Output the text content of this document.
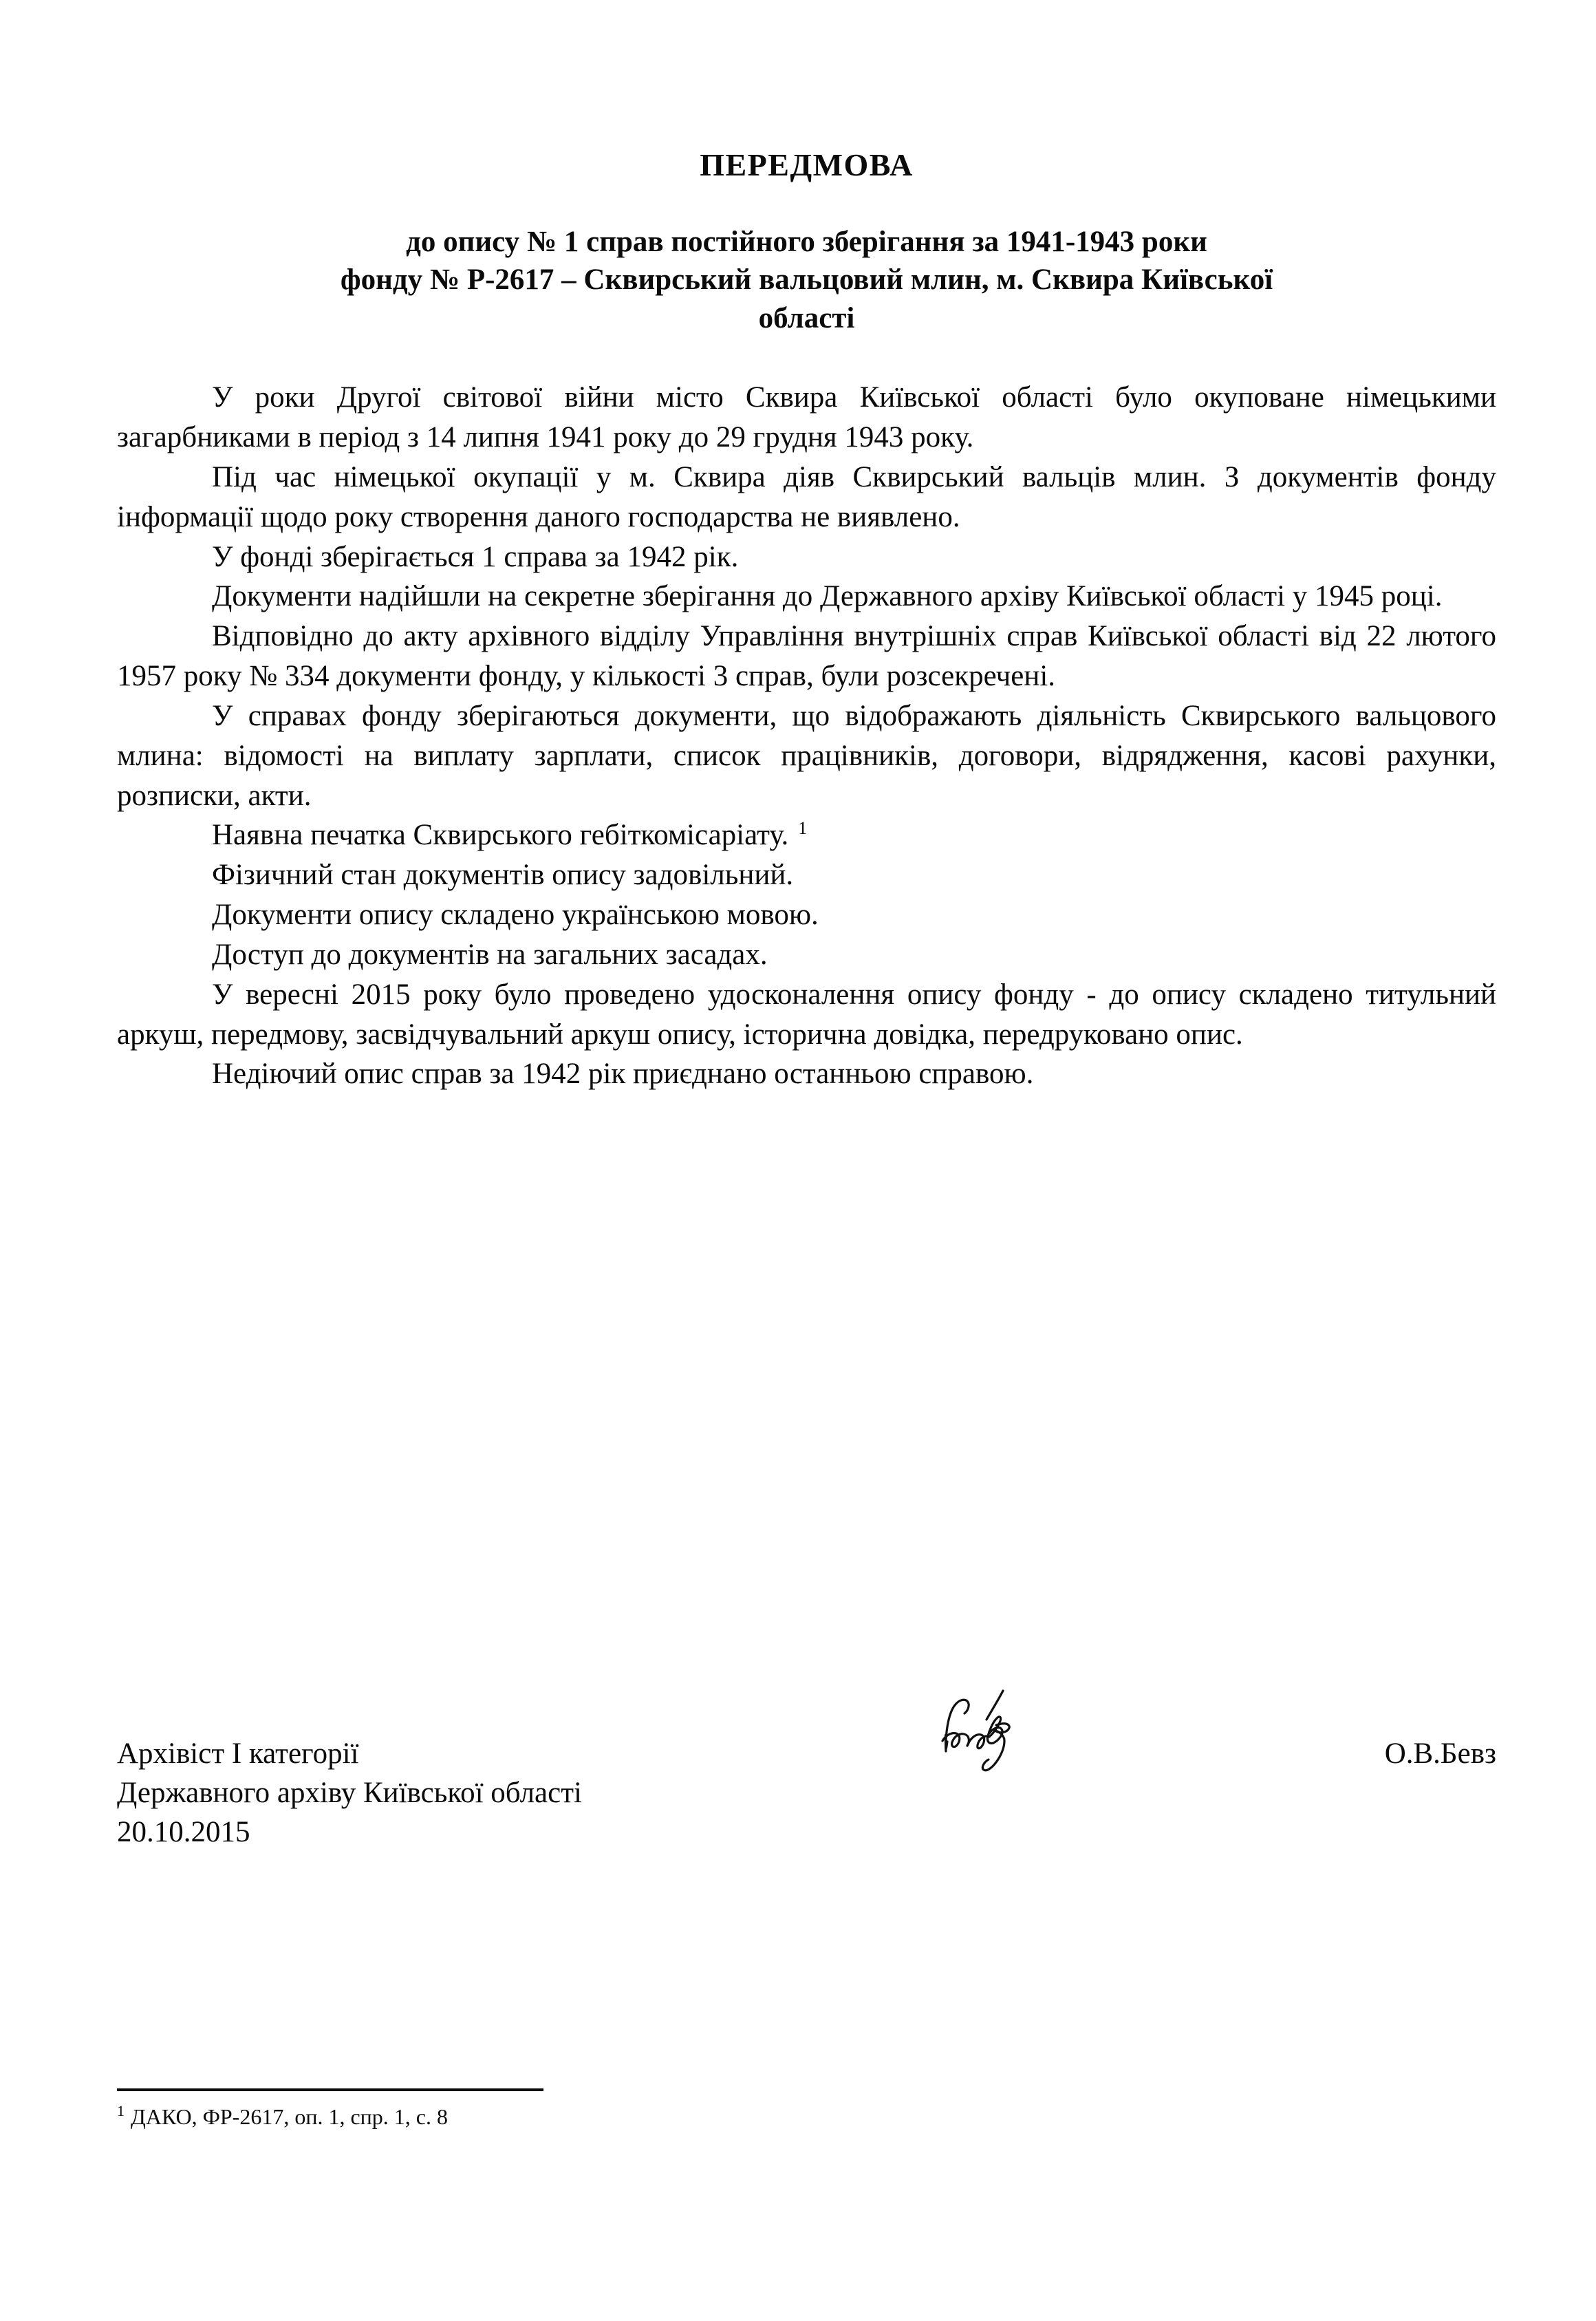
ПЕРЕДМОВА
до опису № 1 справ постійного зберігання за 1941-1943 роки
фонду № Р-2617 – Сквирський вальцовий млин, м. Сквира Київської
області

У роки Другої світової війни місто Сквира Київської області було окуповане німецькими загарбниками в період з 14 липня 1941 року до 29 грудня 1943 року.

Під час німецької окупації у м. Сквира діяв Сквирський вальців млин. З документів фонду інформації щодо року створення даного господарства не виявлено.

У фонді зберігається 1 справа за 1942 рік.

Документи надійшли на секретне зберігання до Державного архіву Київської області у 1945 році.

Відповідно до акту архівного відділу Управління внутрішніх справ Київської області від 22 лютого 1957 року № 334 документи фонду, у кількості 3 справ, були розсекречені.

У справах фонду зберігаються документи, що відображають діяльність Сквирського вальцового млина: відомості на виплату зарплати, список працівників, договори, відрядження, касові рахунки, розписки, акти.

Наявна печатка Сквирського гебіткомісаріату. $^1$

Фізичний стан документів опису задовільний.

Документи опису складено українською мовою.

Доступ до документів на загальних засадах.

У вересні 2015 року було проведено удосконалення опису фонду - до опису складено титульний аркуш, передмову, засвідчувальний аркуш опису, історична довідка, передруковано опис.

Недіючий опис справ за 1942 рік приєднано останньою справою.

Архівіст І категорії	О.В.Бевз
Державного архіву Київської області
20.10.2015
$^1$ ДАКО, ФР-2617, оп. 1, спр. 1, с. 8
